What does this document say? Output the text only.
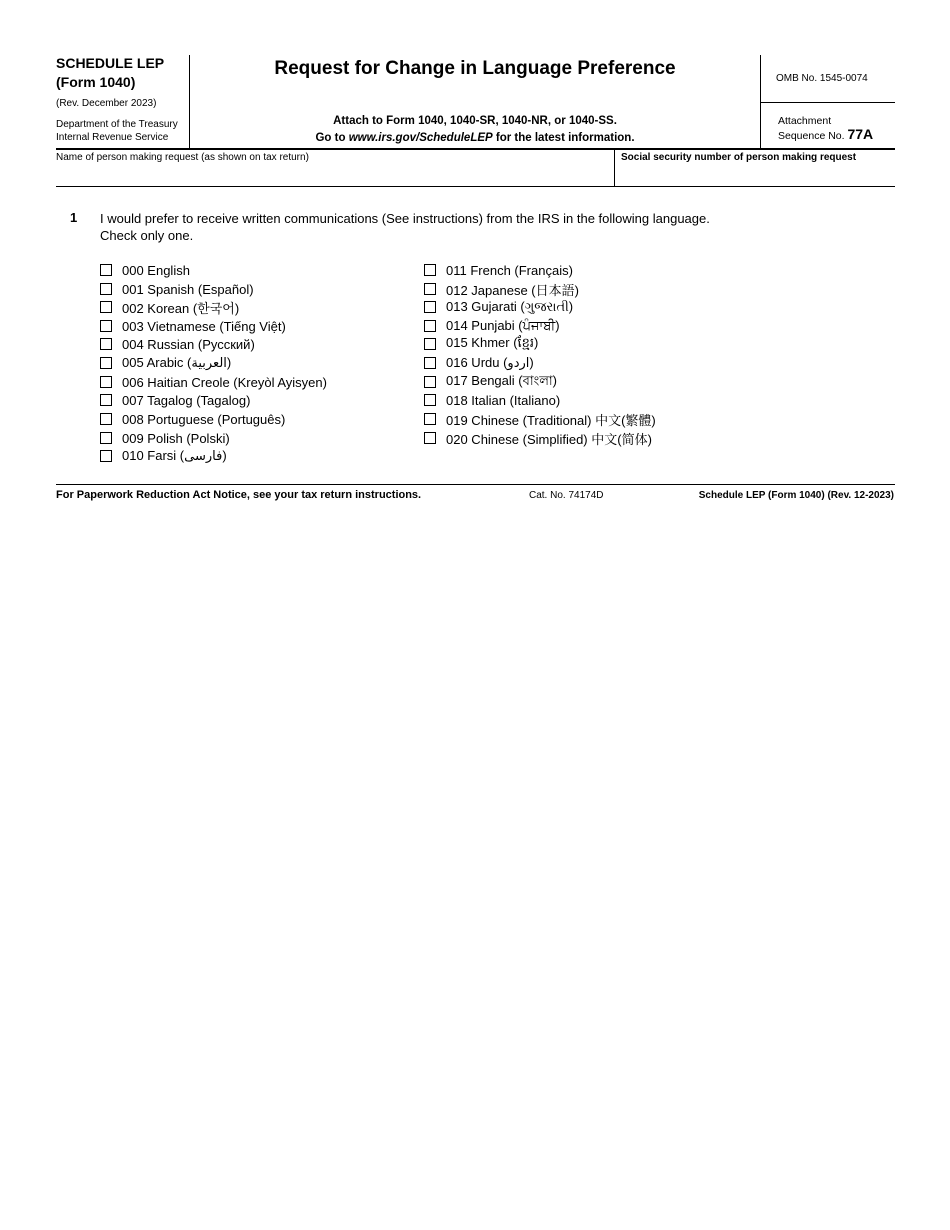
SCHEDULE LEP
(Form 1040)
(Rev. December 2023)
Department of the Treasury
Internal Revenue Service
Request for Change in Language Preference
Attach to Form 1040, 1040-SR, 1040-NR, or 1040-SS.
Go to www.irs.gov/ScheduleLEP for the latest information.
OMB No. 1545-0074
Attachment
Sequence No. 77A
Name of person making request (as shown on tax return)	Social security number of person making request
1 I would prefer to receive written communications (See instructions) from the IRS in the following language.
Check only one.
000 English
001 Spanish (Español)
002 Korean (한국어)
003 Vietnamese (Tiếng Việt)
004 Russian (Русский)
005 Arabic (العربية)
006 Haitian Creole (Kreyòl Ayisyen)
007 Tagalog (Tagalog)
008 Portuguese (Português)
009 Polish (Polski)
010 Farsi (فارسی)
011 French (Français)
012 Japanese (日本語)
013 Gujarati (ગુજરાતી)
014 Punjabi (ਪੰਜਾਬੀ)
015 Khmer (ខ្មែរ)
016 Urdu (اردو)
017 Bengali (বাংলা)
018 Italian (Italiano)
019 Chinese (Traditional) 中文(繁體)
020 Chinese (Simplified) 中文(简体)
For Paperwork Reduction Act Notice, see your tax return instructions.	Cat. No. 74174D	Schedule LEP (Form 1040) (Rev. 12-2023)
